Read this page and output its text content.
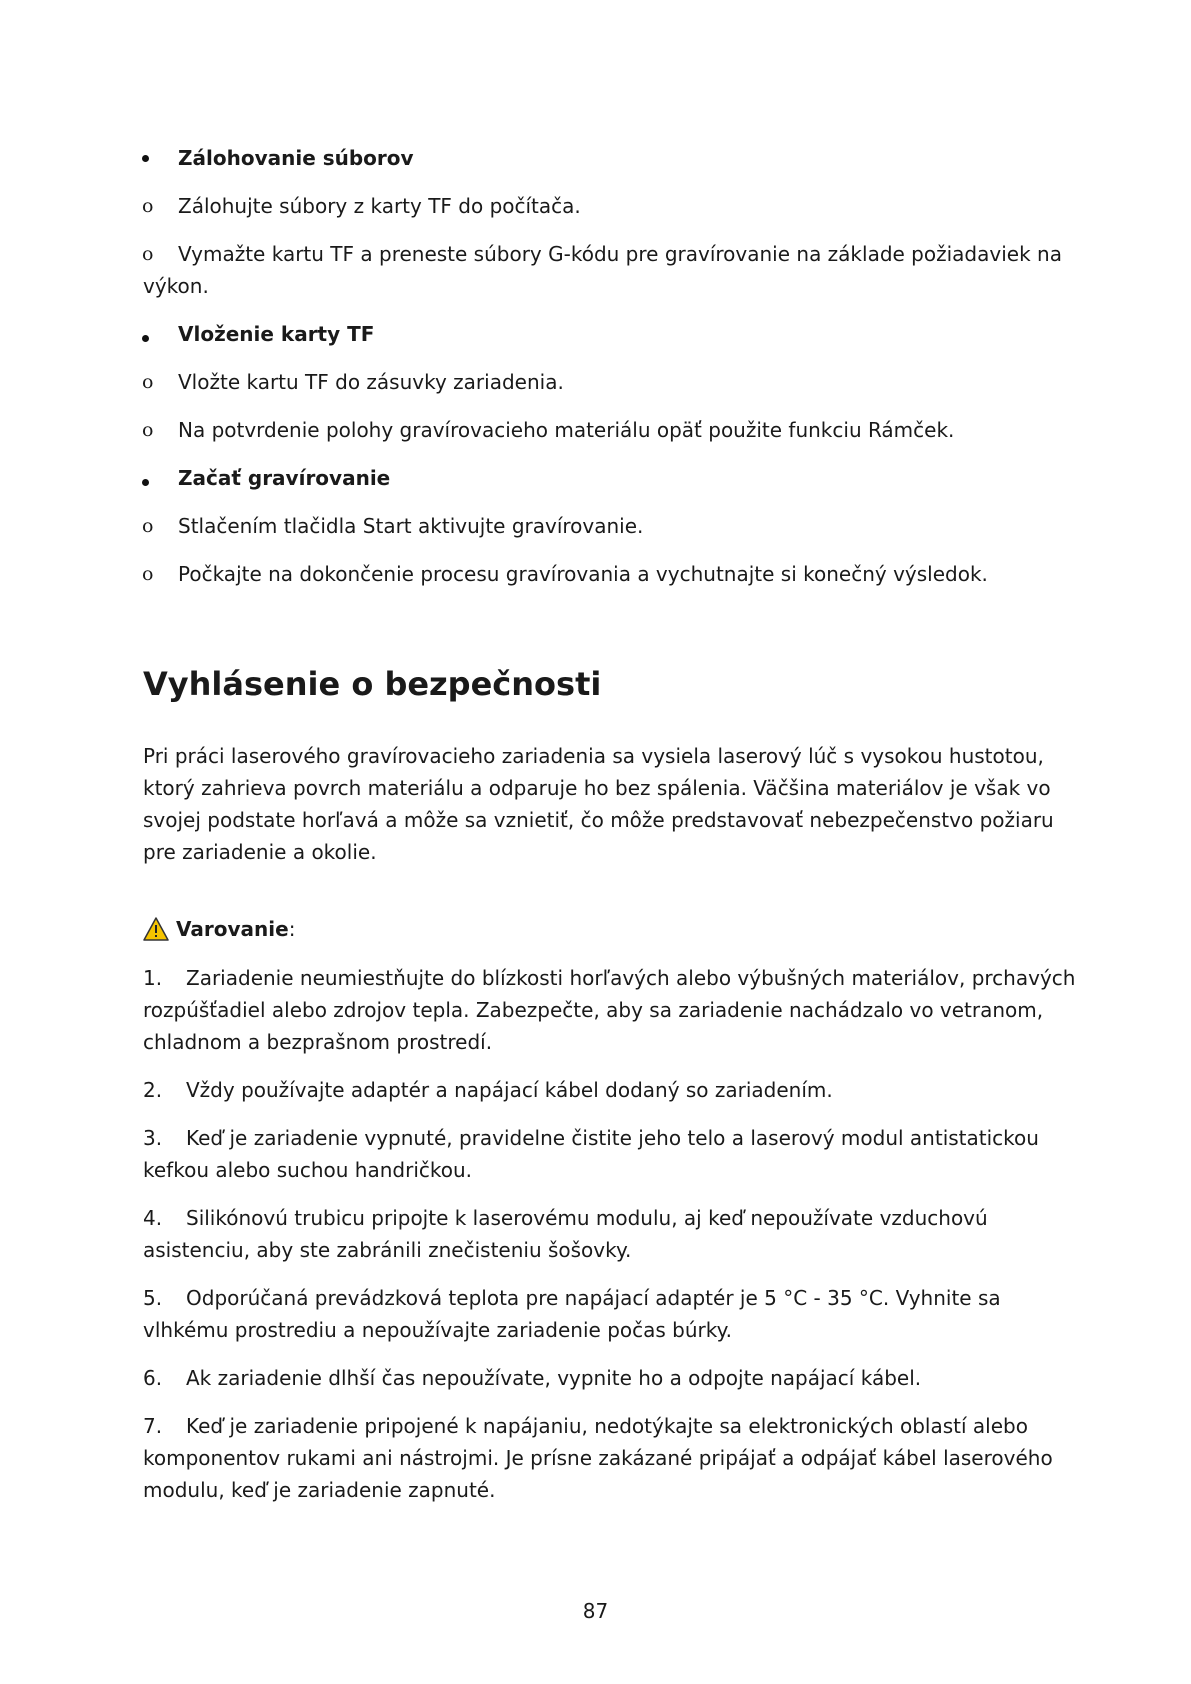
Zálohovanie súborov
o Zálohujte súbory z karty TF do počítača.
o Vymažte kartu TF a preneste súbory G-kódu pre gravírovanie na základe požiadaviek na
výkon.
Vloženie karty TF
o Vložte kartu TF do zásuvky zariadenia.
o Na potvrdenie polohy gravírovacieho materiálu opäť použite funkciu Rámček.
Začať gravírovanie
o Stlačením tlačidla Start aktivujte gravírovanie.
o Počkajte na dokončenie procesu gravírovania a vychutnajte si konečný výsledok.
Vyhlásenie o bezpečnosti
Pri práci laserového gravírovacieho zariadenia sa vysiela laserový lúč s vysokou hustotou,
ktorý zahrieva povrch materiálu a odparuje ho bez spálenia. Väčšina materiálov je však vo
svojej podstate horľavá a môže sa vznietiť, čo môže predstavovať nebezpečenstvo požiaru
pre zariadenie a okolie.
Varovanie:
1. Zariadenie neumiestňujte do blízkosti horľavých alebo výbušných materiálov, prchavých
rozpúšťadiel alebo zdrojov tepla. Zabezpečte, aby sa zariadenie nachádzalo vo vetranom,
chladnom a bezprašnom prostredí.
2. Vždy používajte adaptér a napájací kábel dodaný so zariadením.
3. Keď je zariadenie vypnuté, pravidelne čistite jeho telo a laserový modul antistatickou
kefkou alebo suchou handričkou.
4. Silikónovú trubicu pripojte k laserovému modulu, aj keď nepoužívate vzduchovú
asistenciu, aby ste zabránili znečisteniu šošovky.
5. Odporúčaná prevádzková teplota pre napájací adaptér je 5 °C - 35 °C. Vyhnite sa
vlhkému prostrediu a nepoužívajte zariadenie počas búrky.
6. Ak zariadenie dlhší čas nepoužívate, vypnite ho a odpojte napájací kábel.
7. Keď je zariadenie pripojené k napájaniu, nedotýkajte sa elektronických oblastí alebo
komponentov rukami ani nástrojmi. Je prísne zakázané pripájať a odpájať kábel laserového
modulu, keď je zariadenie zapnuté.
87
